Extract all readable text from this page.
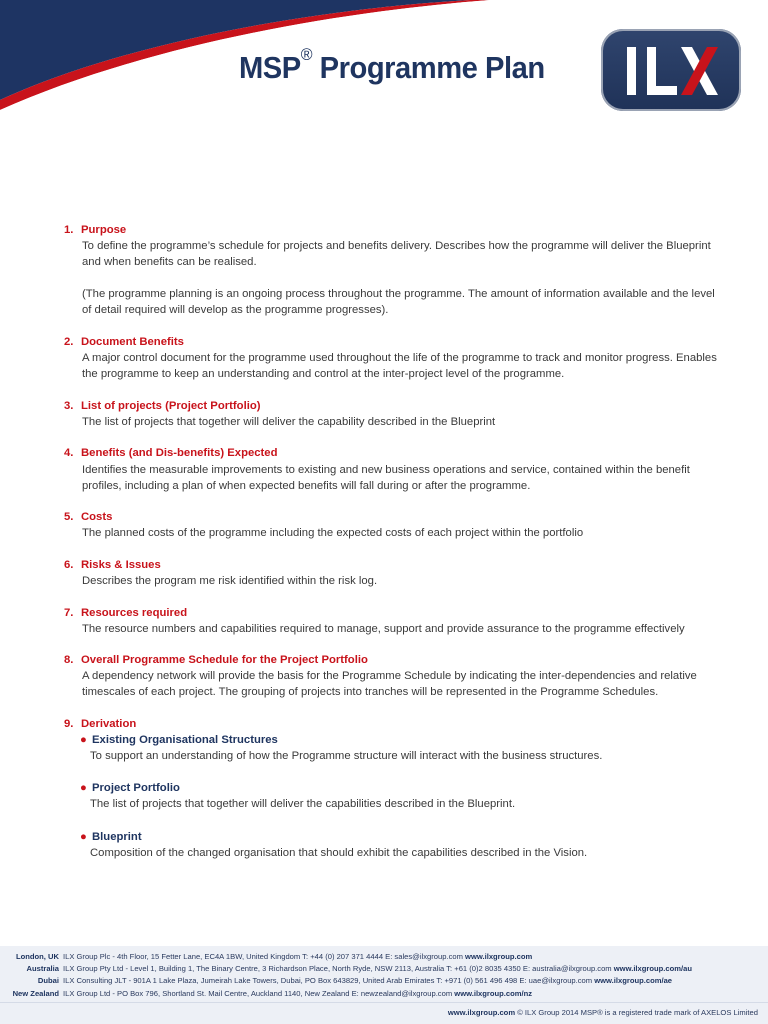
MSP® Programme Plan
1. Purpose
To define the programme’s schedule for projects and benefits delivery. Describes how the programme will deliver the Blueprint and when benefits can be realised.
(The programme planning is an ongoing process throughout the programme. The amount of information available and the level of detail required will develop as the programme progresses).
2. Document Benefits
A major control document for the programme used throughout the life of the programme to track and monitor progress. Enables the programme to keep an understanding and control at the inter-project level of the programme.
3. List of projects (Project Portfolio)
The list of projects that together will deliver the capability described in the Blueprint
4. Benefits (and Dis-benefits) Expected
Identifies the measurable improvements to existing and new business operations and service, contained within the benefit profiles, including a plan of when expected benefits will fall during or after the programme.
5. Costs
The planned costs of the programme including the expected costs of each project within the portfolio
6. Risks & Issues
Describes the program me risk identified within the risk log.
7. Resources required
The resource numbers and capabilities required to manage, support and provide assurance to the programme effectively
8. Overall Programme Schedule for the Project Portfolio
A dependency network will provide the basis for the Programme Schedule by indicating the inter-dependencies and relative timescales of each project. The grouping of projects into tranches will be represented in the Programme Schedules.
9. Derivation
● Existing Organisational Structures
To support an understanding of how the Programme structure will interact with the business structures.
● Project Portfolio
The list of projects that together will deliver the capabilities described in the Blueprint.
● Blueprint
Composition of the changed organisation that should exhibit the capabilities described in the Vision.
London, UK ILX Group Plc - 4th Floor, 15 Fetter Lane, EC4A 1BW, United Kingdom T: +44 (0) 207 371 4444 E: sales@ilxgroup.com www.ilxgroup.com
Australia ILX Group Pty Ltd - Level 1, Building 1, The Binary Centre, 3 Richardson Place, North Ryde, NSW 2113, Australia T: +61 (0)2 8035 4350 E: australia@ilxgroup.com www.ilxgroup.com/au
Dubai ILX Consulting JLT - 901A 1 Lake Plaza, Jumeirah Lake Towers, Dubai, PO Box 643829, United Arab Emirates T: +971 (0) 561 496 498 E: uae@ilxgroup.com www.ilxgroup.com/ae
New Zealand ILX Group Ltd - PO Box 796, Shortland St. Mail Centre, Auckland 1140, New Zealand E: newzealand@ilxgroup.com www.ilxgroup.com/nz
www.ilxgroup.com © ILX Group 2014 MSP® is a registered trade mark of AXELOS Limited
